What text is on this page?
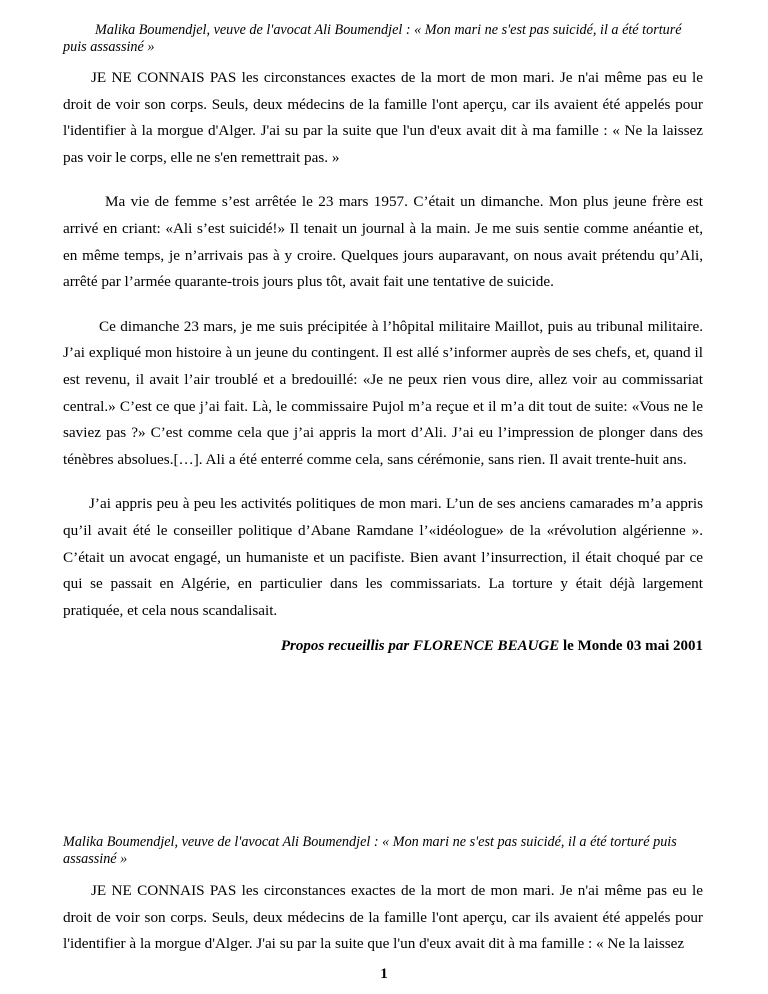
Malika Boumendjel, veuve de l'avocat Ali Boumendjel : « Mon mari ne s'est pas suicidé, il a été torturé puis assassiné »

JE NE CONNAIS PAS les circonstances exactes de la mort de mon mari. Je n'ai même pas eu le droit de voir son corps. Seuls, deux médecins de la famille l'ont aperçu, car ils avaient été appelés pour l'identifier à la morgue d'Alger. J'ai su par la suite que l'un d'eux avait dit à ma famille : « Ne la laissez pas voir le corps, elle ne s'en remettrait pas. »

Ma vie de femme s’est arrêtée le 23 mars 1957. C’était un dimanche. Mon plus jeune frère est arrivé en criant: «Ali s’est suicidé!» Il tenait un journal à la main. Je me suis sentie comme anéantie et, en même temps, je n’arrivais pas à y croire. Quelques jours auparavant, on nous avait prétendu qu’Ali, arrêté par l’armée quarante-trois jours plus tôt, avait fait une tentative de suicide.

Ce dimanche 23 mars, je me suis précipitée à l’hôpital militaire Maillot, puis au tribunal militaire. J’ai expliqué mon histoire à un jeune du contingent. Il est allé s’informer auprès de ses chefs, et, quand il est revenu, il avait l’air troublé et a bredouillé: «Je ne peux rien vous dire, allez voir au commissariat central.» C’est ce que j’ai fait. Là, le commissaire Pujol m’a reçue et il m’a dit tout de suite: «Vous ne le saviez pas ?» C’est comme cela que j’ai appris la mort d’Ali. J’ai eu l’impression de plonger dans des ténèbres absolues.[…]. Ali a été enterré comme cela, sans cérémonie, sans rien. Il avait trente-huit ans.

J’ai appris peu à peu les activités politiques de mon mari. L’un de ses anciens camarades m’a appris qu’il avait été le conseiller politique d’Abane Ramdane l’«idéologue» de la «révolution algérienne ». C’était un avocat engagé, un humaniste et un pacifiste. Bien avant l’insurrection, il était choqué par ce qui se passait en Algérie, en particulier dans les commissariats. La torture y était déjà largement pratiquée, et cela nous scandalisait.

Propos recueillis par FLORENCE BEAUGE le Monde 03 mai 2001

Malika Boumendjel, veuve de l'avocat Ali Boumendjel : « Mon mari ne s'est pas suicidé, il a été torturé puis assassiné »

JE NE CONNAIS PAS les circonstances exactes de la mort de mon mari. Je n'ai même pas eu le droit de voir son corps. Seuls, deux médecins de la famille l'ont aperçu, car ils avaient été appelés pour l'identifier à la morgue d'Alger. J'ai su par la suite que l'un d'eux avait dit à ma famille : « Ne la laissez

1
